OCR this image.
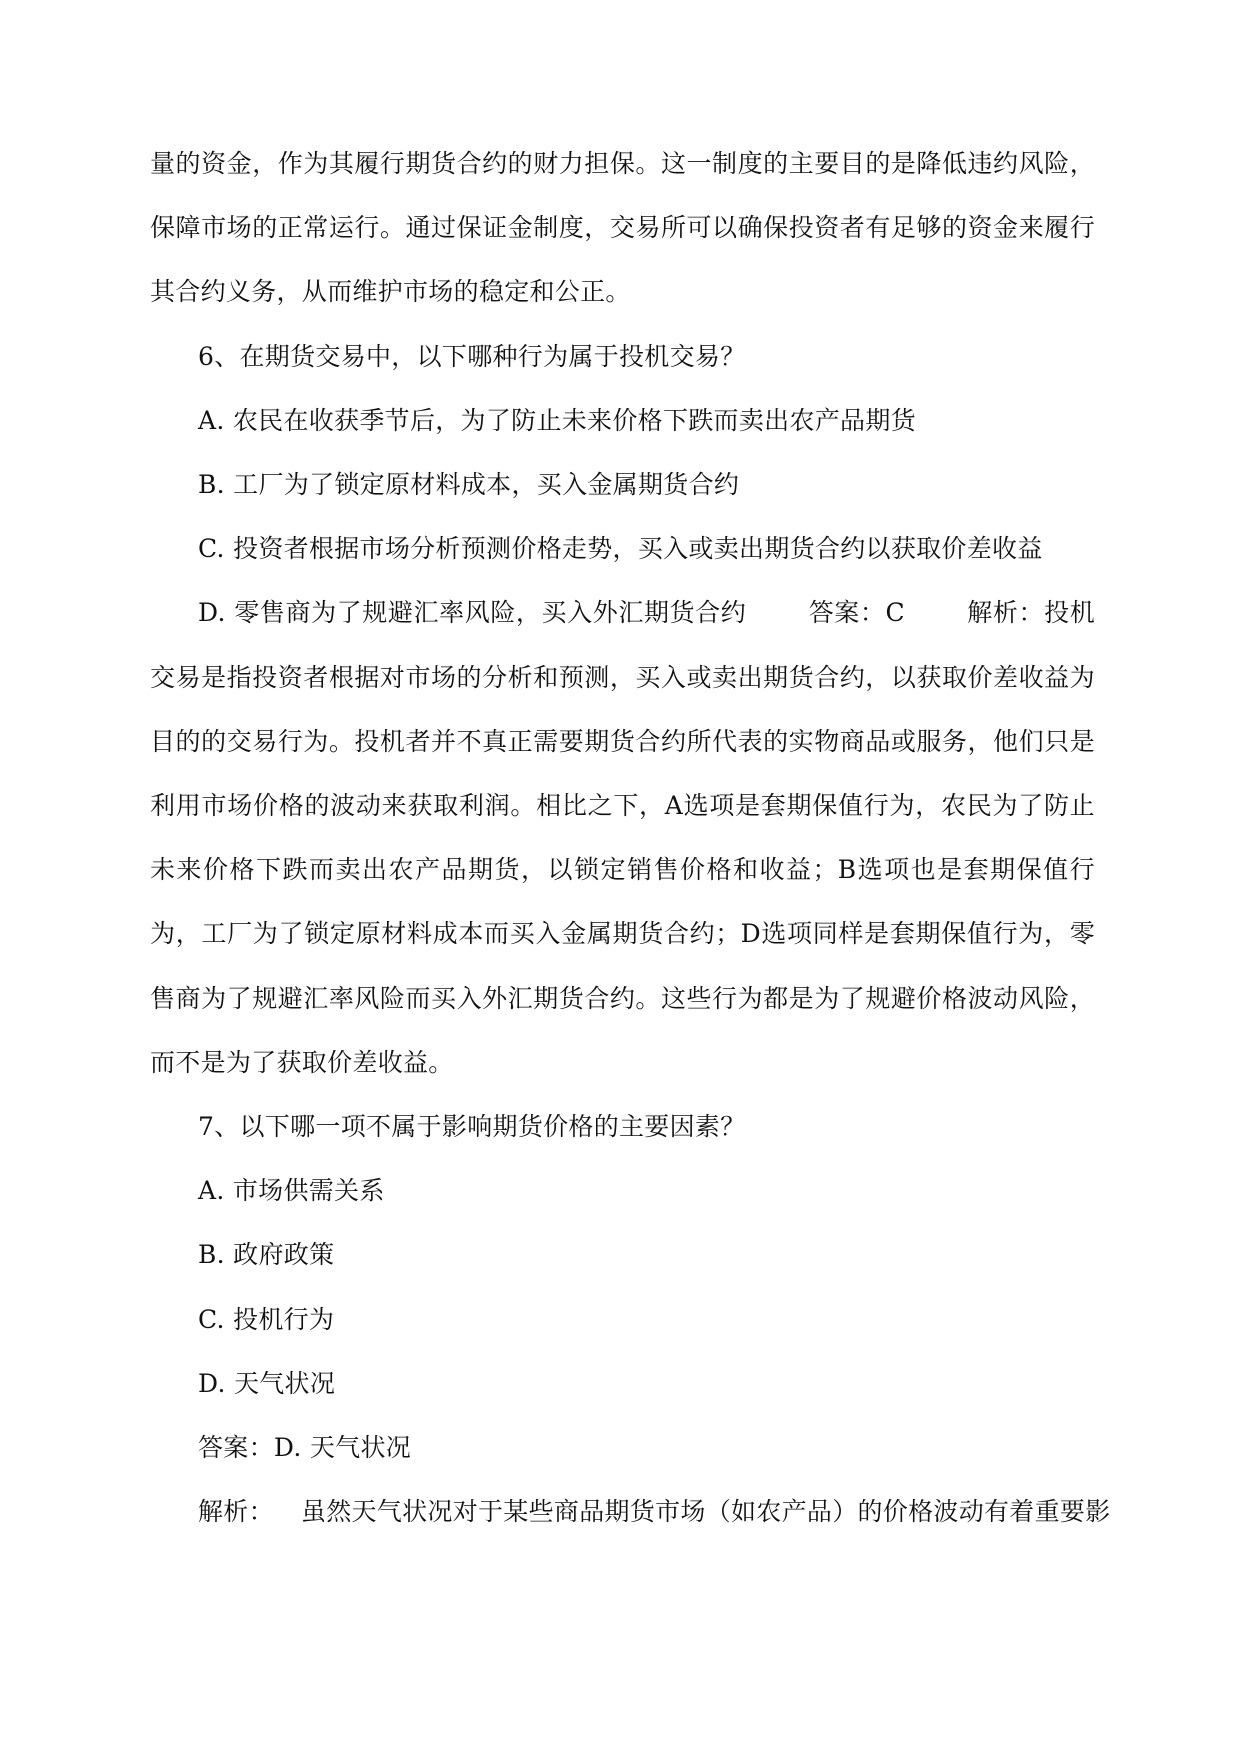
量的资金，作为其履行期货合约的财力担保。这一制度的主要目的是降低违约风险，保障市场的正常运行。通过保证金制度，交易所可以确保投资者有足够的资金来履行其合约义务，从而维护市场的稳定和公正。

6、在期货交易中，以下哪种行为属于投机交易？

A. 农民在收获季节后，为了防止未来价格下跌而卖出农产品期货

B. 工厂为了锁定原材料成本，买入金属期货合约

C. 投资者根据市场分析预测价格走势，买入或卖出期货合约以获取价差收益

D. 零售商为了规避汇率风险，买入外汇期货合约 答案：C 解析：投机交易是指投资者根据对市场的分析和预测，买入或卖出期货合约，以获取价差收益为目的的交易行为。投机者并不真正需要期货合约所代表的实物商品或服务，他们只是利用市场价格的波动来获取利润。相比之下，A选项是套期保值行为，农民为了防止未来价格下跌而卖出农产品期货，以锁定销售价格和收益；B选项也是套期保值行为，工厂为了锁定原材料成本而买入金属期货合约；D选项同样是套期保值行为，零售商为了规避汇率风险而买入外汇期货合约。这些行为都是为了规避价格波动风险，而不是为了获取价差收益。

7、以下哪一项不属于影响期货价格的主要因素？

A. 市场供需关系

B. 政府政策

C. 投机行为

D. 天气状况

答案：D. 天气状况

解析： 虽然天气状况对于某些商品期货市场（如农产品）的价格波动有着重要影
